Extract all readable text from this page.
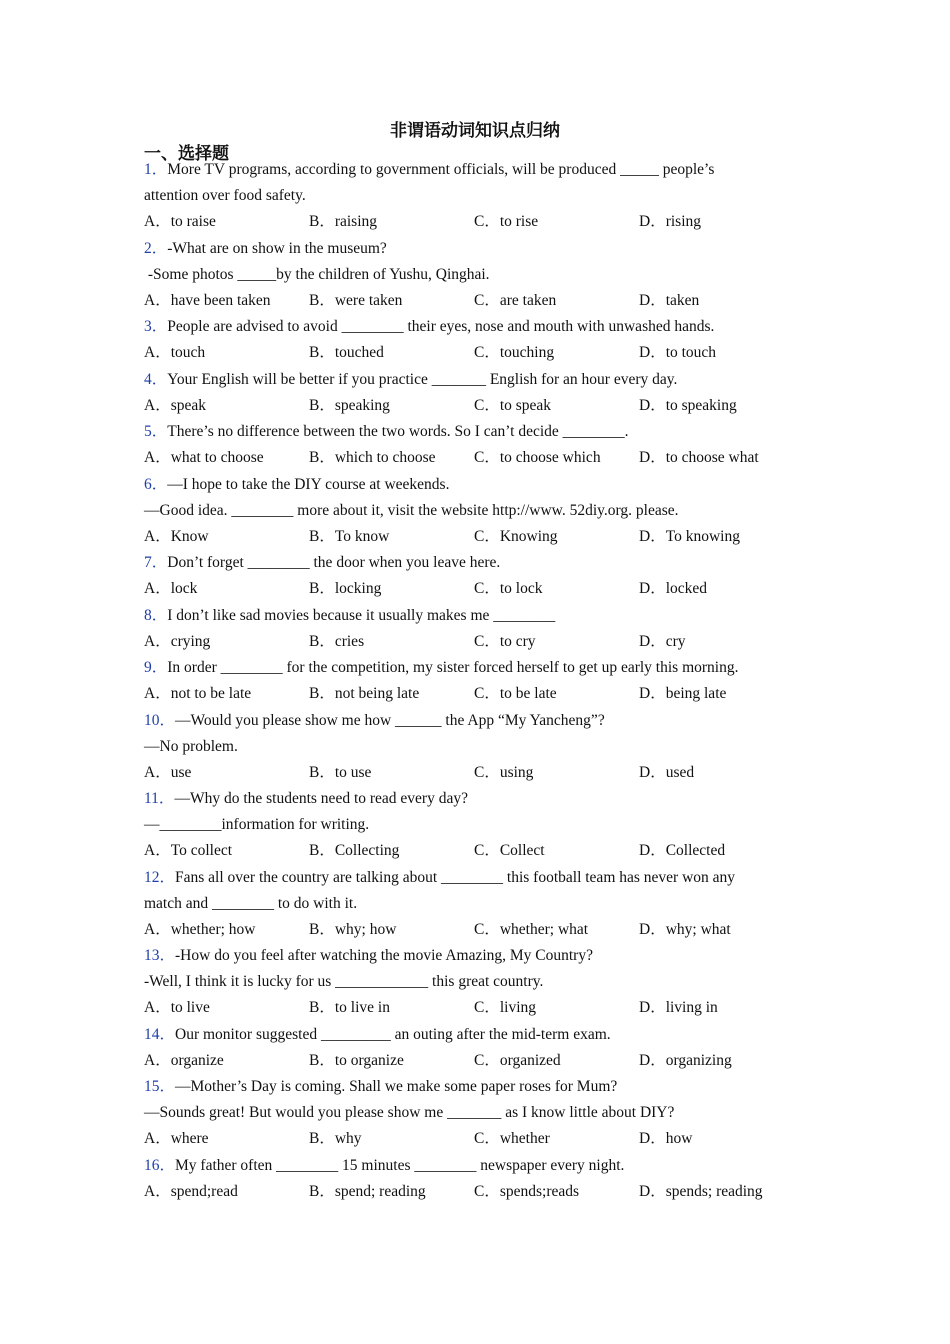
非谓语动词知识点归纳
一、选择题
1．More TV programs, according to government officials, will be produced _____ people’s
attention over food safety.
A．to raise	B．raising	C．to rise	D．rising
2．-What are on show in the museum?
-Some photos _____by the children of Yushu, Qinghai.
A．have been taken	B．were taken	C．are taken	D．taken
3．People are advised to avoid ________ their eyes, nose and mouth with unwashed hands.
A．touch	B．touched	C．touching	D．to touch
4．Your English will be better if you practice _______ English for an hour every day.
A．speak	B．speaking	C．to speak	D．to speaking
5．There’s no difference between the two words. So I can’t decide ________.
A．what to choose	B．which to choose	C．to choose which	D．to choose what
6．—I hope to take the DIY course at weekends.
—Good idea. ________ more about it, visit the website http://www. 52diy.org. please.
A．Know	B．To know	C．Knowing	D．To knowing
7．Don’t forget ________ the door when you leave here.
A．lock	B．locking	C．to lock	D．locked
8．I don’t like sad movies because it usually makes me ________
A．crying	B．cries	C．to cry	D．cry
9．In order ________ for the competition, my sister forced herself to get up early this morning.
A．not to be late	B．not being late	C．to be late	D．being late
10．—Would you please show me how ______ the App “My Yancheng”?
—No problem.
A．use	B．to use	C．using	D．used
11．—Why do the students need to read every day?
—________information for writing.
A．To collect	B．Collecting	C．Collect	D．Collected
12．Fans all over the country are talking about ________ this football team has never won any
match and ________ to do with it.
A．whether; how	B．why; how	C．whether; what	D．why; what
13．-How do you feel after watching the movie Amazing, My Country?
-Well, I think it is lucky for us ____________ this great country.
A．to live	B．to live in	C．living	D．living in
14．Our monitor suggested _________ an outing after the mid-term exam.
A．organize	B．to organize	C．organized	D．organizing
15．—Mother’s Day is coming. Shall we make some paper roses for Mum?
—Sounds great! But would you please show me _______ as I know little about DIY?
A．where	B．why	C．whether	D．how
16．My father often ________ 15 minutes ________ newspaper every night.
A．spend;read	B．spend; reading	C．spends;reads	D．spends; reading
